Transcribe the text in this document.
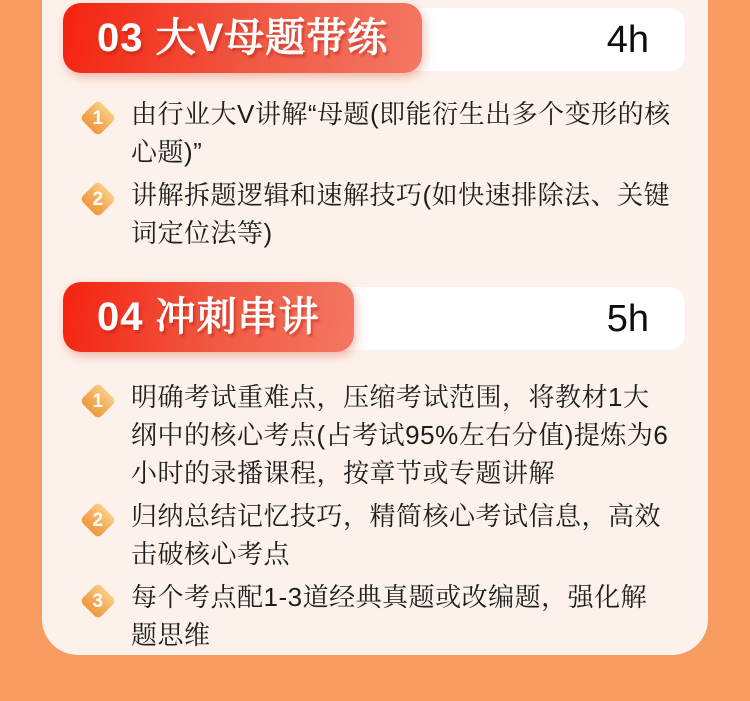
4h
03 大V母题带练
1 由行业大V讲解“母题(即能衍生出多个变形的核心题)”

2 讲解拆题逻辑和速解技巧(如快速排除法、关键词定位法等)

5h
04 冲刺串讲
1 明确考试重难点，压缩考试范围，将教材1大纲中的核心考点(占考试95%左右分值)提炼为6小时的录播课程，按章节或专题讲解

2 归纳总结记忆技巧，精简核心考试信息，高效击破核心考点

3 每个考点配1-3道经典真题或改编题，强化解题思维
